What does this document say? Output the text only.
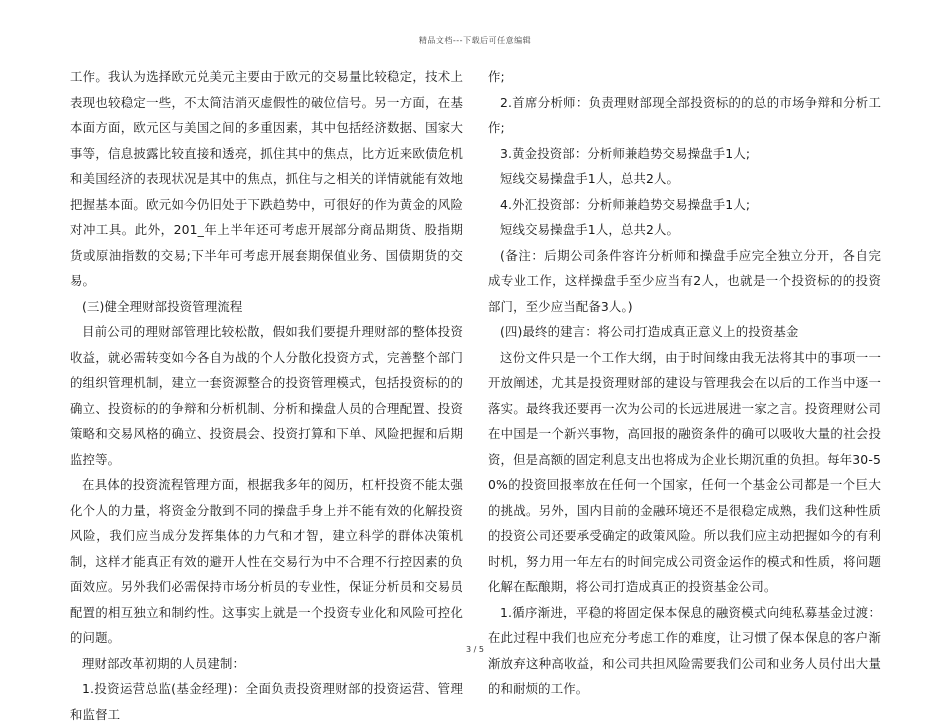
精品文档---下载后可任意编辑

工作。我认为选择欧元兑美元主要由于欧元的交易量比较稳定，技术上表现也较稳定一些，不太简洁消灭虚假性的破位信号。另一方面，在基本面方面，欧元区与美国之间的多重因素，其中包括经济数据、国家大事等，信息披露比较直接和透亮，抓住其中的焦点，比方近来欧债危机和美国经济的表现状况是其中的焦点，抓住与之相关的详情就能有效地把握基本面。欧元如今仍旧处于下跌趋势中，可很好的作为黄金的风险对冲工具。此外，201_年上半年还可考虑开展部分商品期货、股指期货或原油指数的交易;下半年可考虑开展套期保值业务、国债期货的交易。

(三)健全理财部投资管理流程

目前公司的理财部管理比较松散，假如我们要提升理财部的整体投资收益，就必需转变如今各自为战的个人分散化投资方式，完善整个部门的组织管理机制，建立一套资源整合的投资管理模式，包括投资标的的确立、投资标的的争辩和分析机制、分析和操盘人员的合理配置、投资策略和交易风格的确立、投资晨会、投资打算和下单、风险把握和后期监控等。

在具体的投资流程管理方面，根据我多年的阅历，杠杆投资不能太强化个人的力量，将资金分散到不同的操盘手身上并不能有效的化解投资风险，我们应当成分发挥集体的力气和才智，建立科学的群体决策机制，这样才能真正有效的避开人性在交易行为中不合理不行控因素的负面效应。另外我们必需保持市场分析员的专业性，保证分析员和交易员配置的相互独立和制约性。这事实上就是一个投资专业化和风险可控化的问题。

理财部改革初期的人员建制：

1.投资运营总监(基金经理)：全面负责投资理财部的投资运营、管理和监督工

作;

2.首席分析师：负责理财部现全部投资标的的总的市场争辩和分析工作;

3.黄金投资部：分析师兼趋势交易操盘手1人;

短线交易操盘手1人，总共2人。

4.外汇投资部：分析师兼趋势交易操盘手1人;

短线交易操盘手1人，总共2人。

(备注：后期公司条件容许分析师和操盘手应完全独立分开，各自完成专业工作，这样操盘手至少应当有2人，也就是一个投资标的的投资部门，至少应当配备3人。)

(四)最终的建言：将公司打造成真正意义上的投资基金

这份文件只是一个工作大纲，由于时间缘由我无法将其中的事项一一开放阐述，尤其是投资理财部的建设与管理我会在以后的工作当中逐一落实。最终我还要再一次为公司的长远进展进一家之言。投资理财公司在中国是一个新兴事物，高回报的融资条件的确可以吸收大量的社会投资，但是高额的固定利息支出也将成为企业长期沉重的负担。每年30-50%的投资回报率放在任何一个国家，任何一个基金公司都是一个巨大的挑战。另外，国内目前的金融环境还不是很稳定成熟，我们这种性质的投资公司还要承受确定的政策风险。所以我们应主动把握如今的有利时机，努力用一年左右的时间完成公司资金运作的模式和性质，将问题化解在酝酿期，将公司打造成真正的投资基金公司。

1.循序渐进，平稳的将固定保本保息的融资模式向纯私募基金过渡：在此过程中我们也应充分考虑工作的难度，让习惯了保本保息的客户渐渐放弃这种高收益，和公司共担风险需要我们公司和业务人员付出大量的和耐烦的工作。

3 / 5
